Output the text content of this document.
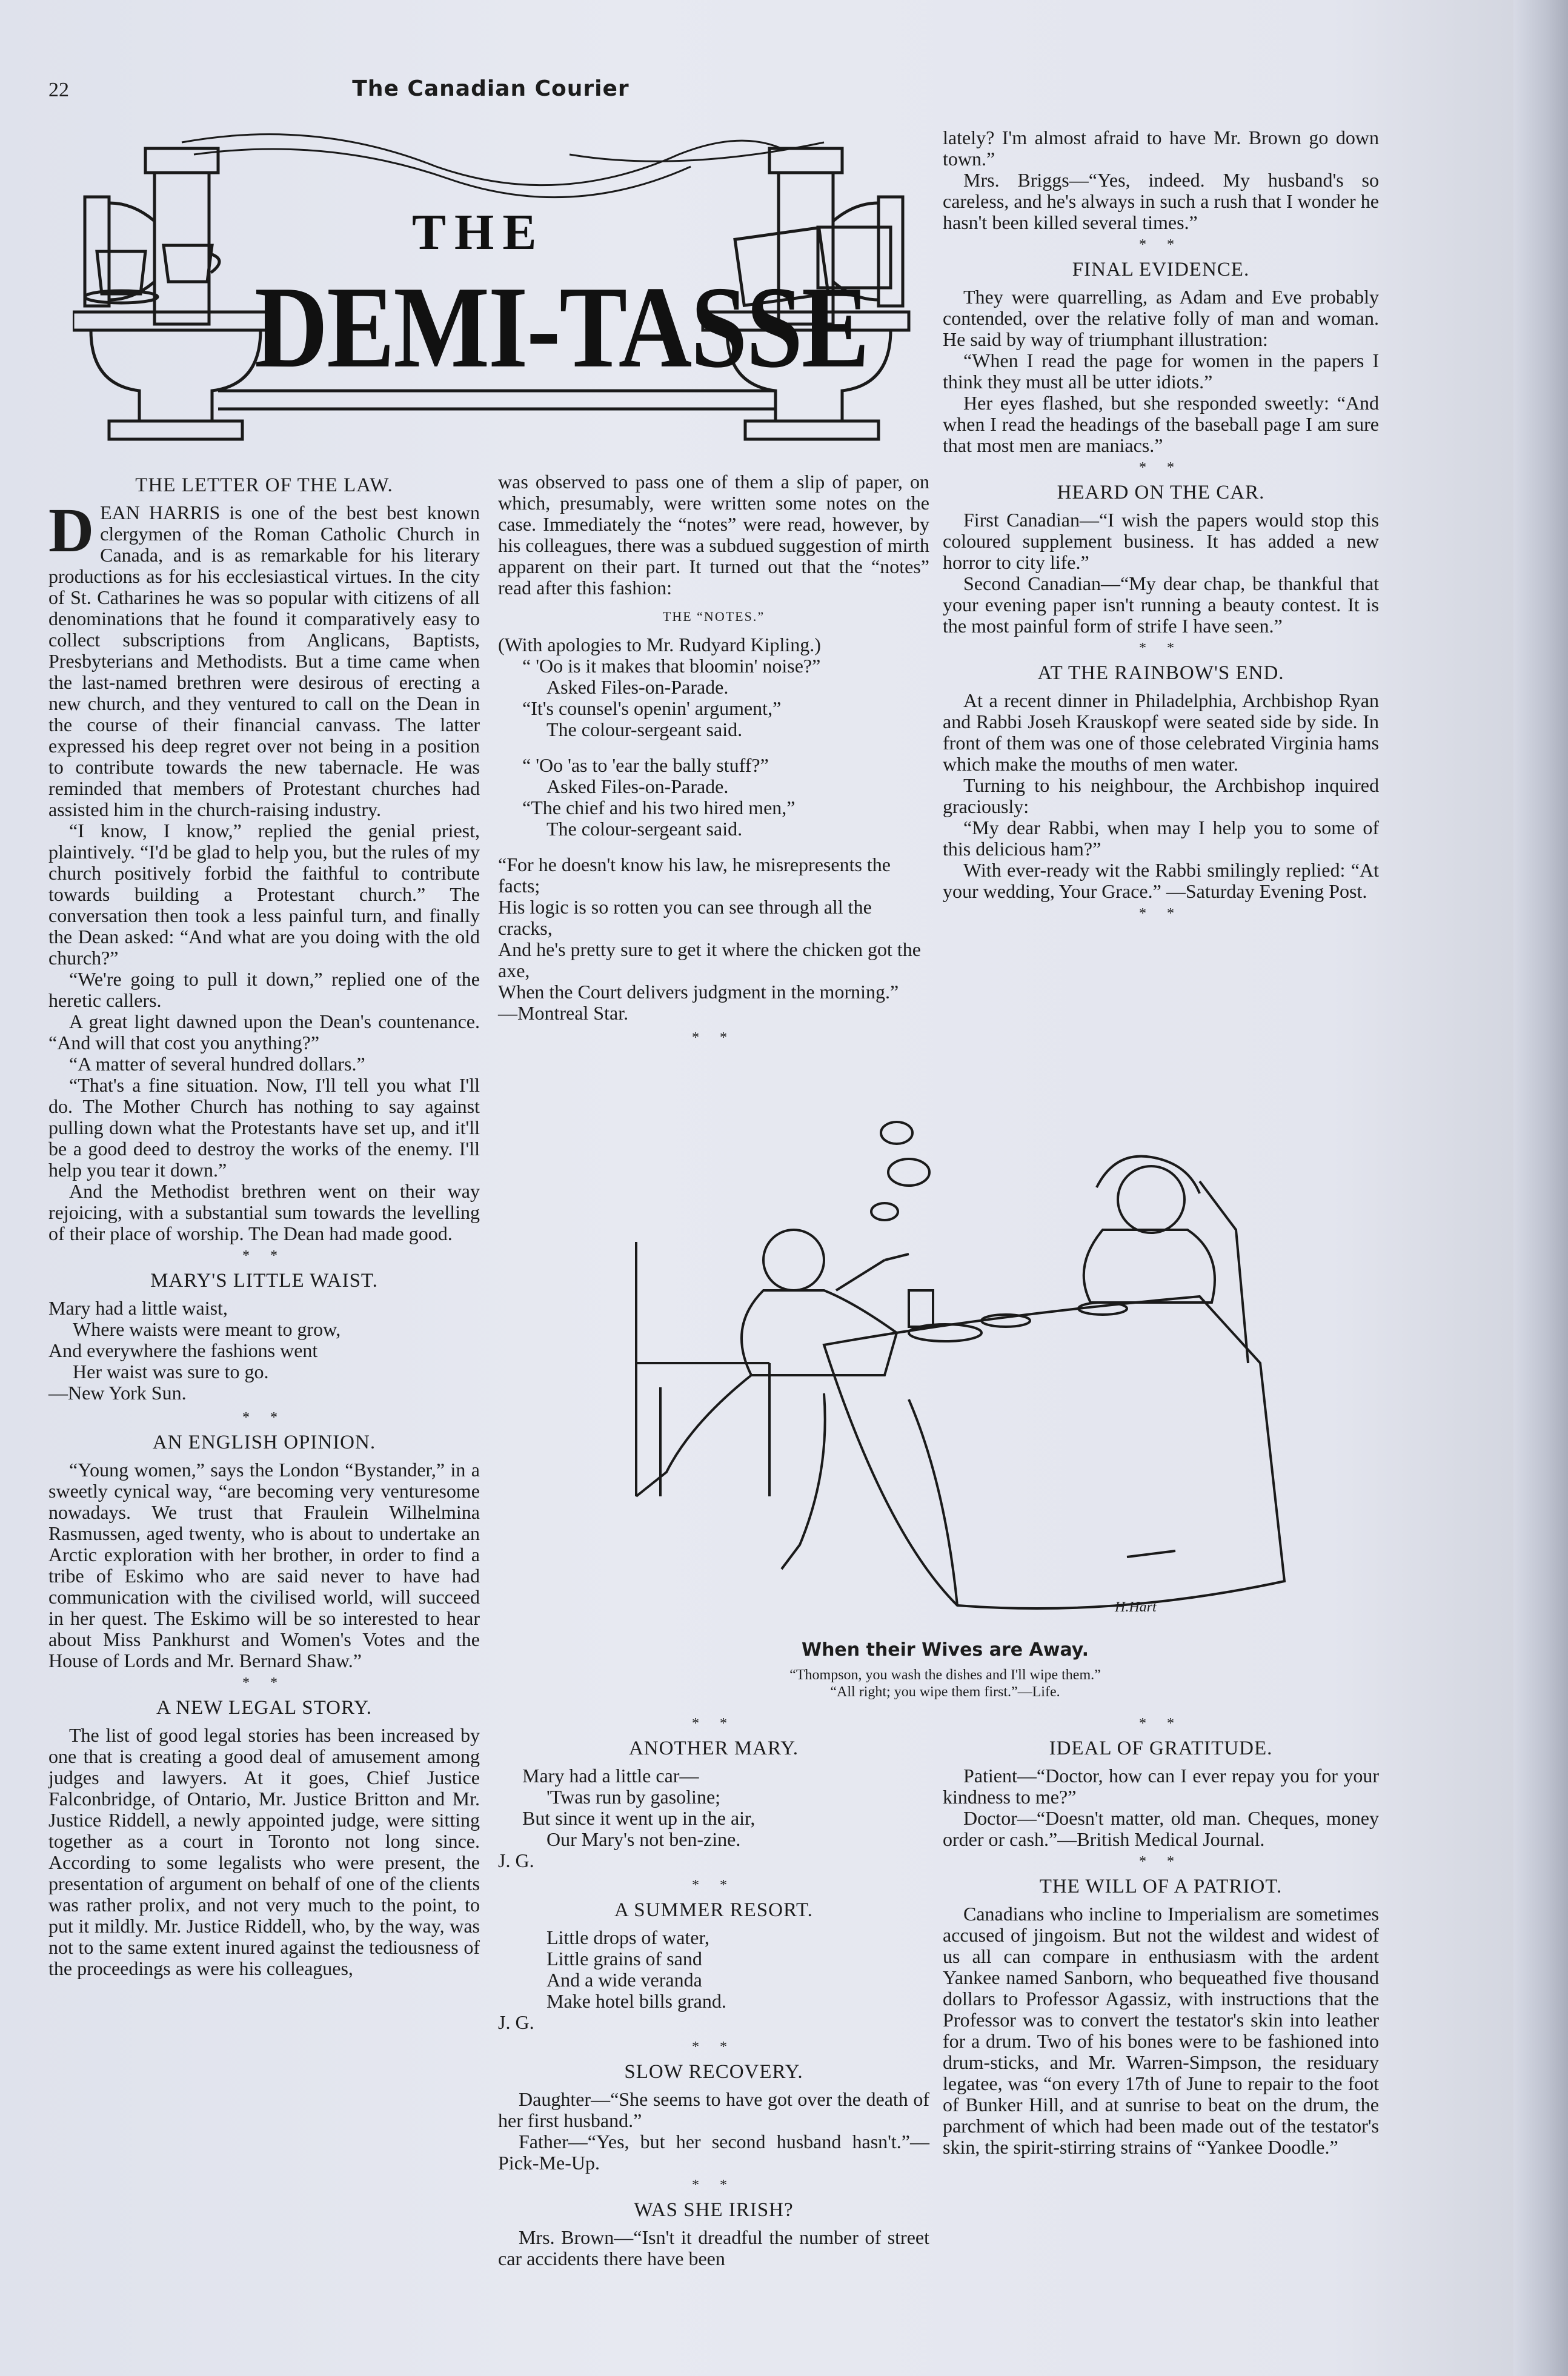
22	The Canadian Courier
THE
DEMI-TASSE
THE LETTER OF THE LAW.
D EAN HARRIS is one of the best best known clergymen of the Roman Catholic Church in Canada, and is as remarkable for his literary productions as for his ecclesiastical virtues. In the city of St. Catharines he was so popular with citizens of all denominations that he found it comparatively easy to collect subscriptions from Anglicans, Baptists, Presbyterians and Methodists. But a time came when the last-named brethren were desirous of erecting a new church, and they ventured to call on the Dean in the course of their financial canvass. The latter expressed his deep regret over not being in a position to contribute towards the new tabernacle. He was reminded that members of Protestant churches had assisted him in the church-raising industry.

“I know, I know,” replied the genial priest, plaintively. “I'd be glad to help you, but the rules of my church positively forbid the faithful to contribute towards building a Protestant church.” The conversation then took a less painful turn, and finally the Dean asked: “And what are you doing with the old church?”

“We're going to pull it down,” replied one of the heretic callers.

A great light dawned upon the Dean's countenance. “And will that cost you anything?”

“A matter of several hundred dollars.”

“That's a fine situation. Now, I'll tell you what I'll do. The Mother Church has nothing to say against pulling down what the Protestants have set up, and it'll be a good deed to destroy the works of the enemy. I'll help you tear it down.”

And the Methodist brethren went on their way rejoicing, with a substantial sum towards the levelling of their place of worship. The Dean had made good.

* *
MARY'S LITTLE WAIST.
Mary had a little waist,
Where waists were meant to grow,
And everywhere the fashions went
Her waist was sure to go.
—New York Sun.
* *
AN ENGLISH OPINION.

“Young women,” says the London “Bystander,” in a sweetly cynical way, “are becoming very venturesome nowadays. We trust that Fraulein Wilhelmina Rasmussen, aged twenty, who is about to undertake an Arctic exploration with her brother, in order to find a tribe of Eskimo who are said never to have had communication with the civilised world, will succeed in her quest. The Eskimo will be so interested to hear about Miss Pankhurst and Women's Votes and the House of Lords and Mr. Bernard Shaw.”

* *
A NEW LEGAL STORY.

The list of good legal stories has been increased by one that is creating a good deal of amusement among judges and lawyers. At it goes, Chief Justice Falconbridge, of Ontario, Mr. Justice Britton and Mr. Justice Riddell, a newly appointed judge, were sitting together as a court in Toronto not long since. According to some legalists who were present, the presentation of argument on behalf of one of the clients was rather prolix, and not very much to the point, to put it mildly. Mr. Justice Riddell, who, by the way, was not to the same extent inured against the tediousness of the proceedings as were his colleagues,

was observed to pass one of them a slip of paper, on which, presumably, were written some notes on the case. Immediately the “notes” were read, however, by his colleagues, there was a subdued suggestion of mirth apparent on their part. It turned out that the “notes” read after this fashion:

THE “NOTES.”
(With apologies to Mr. Rudyard Kipling.)
“ 'Oo is it makes that bloomin' noise?”
Asked Files-on-Parade.
“It's counsel's openin' argument,”
The colour-sergeant said.
“ 'Oo 'as to 'ear the bally stuff?”
Asked Files-on-Parade.
“The chief and his two hired men,”
The colour-sergeant said.
“For he doesn't know his law, he misrepresents the facts;
His logic is so rotten you can see through all the cracks,
And he's pretty sure to get it where the chicken got the axe,
When the Court delivers judgment in the morning.”
—Montreal Star.
* *
H.Hart
When their Wives are Away.
“Thompson, you wash the dishes and I'll wipe them.”
“All right; you wipe them first.”—Life.
* *
ANOTHER MARY.
Mary had a little car—
'Twas run by gasoline;
But since it went up in the air,
Our Mary's not ben-zine.
J. G.
* *
A SUMMER RESORT.
Little drops of water,
Little grains of sand
And a wide veranda
Make hotel bills grand.
J. G.
* *
SLOW RECOVERY.

Daughter—“She seems to have got over the death of her first husband.”

Father—“Yes, but her second husband hasn't.”—Pick-Me-Up.

* *
WAS SHE IRISH?

Mrs. Brown—“Isn't it dreadful the number of street car accidents there have been

lately? I'm almost afraid to have Mr. Brown go down town.”

Mrs. Briggs—“Yes, indeed. My husband's so careless, and he's always in such a rush that I wonder he hasn't been killed several times.”

* *
FINAL EVIDENCE.

They were quarrelling, as Adam and Eve probably contended, over the relative folly of man and woman. He said by way of triumphant illustration:

“When I read the page for women in the papers I think they must all be utter idiots.”

Her eyes flashed, but she responded sweetly: “And when I read the headings of the baseball page I am sure that most men are maniacs.”

* *
HEARD ON THE CAR.

First Canadian—“I wish the papers would stop this coloured supplement business. It has added a new horror to city life.”

Second Canadian—“My dear chap, be thankful that your evening paper isn't running a beauty contest. It is the most painful form of strife I have seen.”

* *
AT THE RAINBOW'S END.

At a recent dinner in Philadelphia, Archbishop Ryan and Rabbi Joseh Krauskopf were seated side by side. In front of them was one of those celebrated Virginia hams which make the mouths of men water.

Turning to his neighbour, the Archbishop inquired graciously:

“My dear Rabbi, when may I help you to some of this delicious ham?”

With ever-ready wit the Rabbi smilingly replied: “At your wedding, Your Grace.” —Saturday Evening Post.

* *
* *
IDEAL OF GRATITUDE.

Patient—“Doctor, how can I ever repay you for your kindness to me?”

Doctor—“Doesn't matter, old man. Cheques, money order or cash.”—British Medical Journal.

* *
THE WILL OF A PATRIOT.

Canadians who incline to Imperialism are sometimes accused of jingoism. But not the wildest and widest of us all can compare in enthusiasm with the ardent Yankee named Sanborn, who bequeathed five thousand dollars to Professor Agassiz, with instructions that the Professor was to convert the testator's skin into leather for a drum. Two of his bones were to be fashioned into drum-sticks, and Mr. Warren-Simpson, the residuary legatee, was “on every 17th of June to repair to the foot of Bunker Hill, and at sunrise to beat on the drum, the parchment of which had been made out of the testator's skin, the spirit-stirring strains of “Yankee Doodle.”
